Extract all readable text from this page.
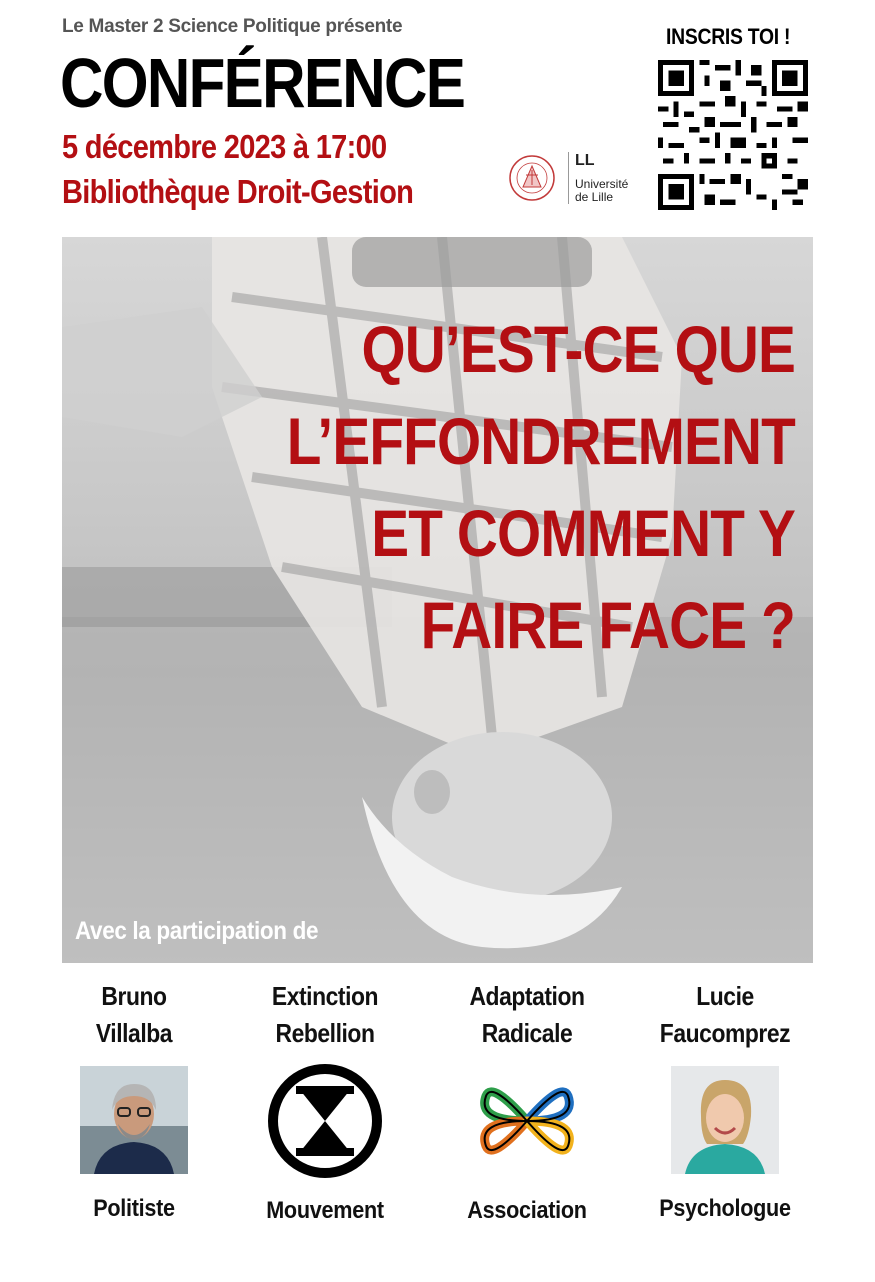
Le Master 2 Science Politique présente
CONFÉRENCE
5 décembre 2023 à 17:00
Bibliothèque Droit-Gestion
LL
Université de Lille
INSCRIS TOI !
QU’EST-CE QUE
L’EFFONDREMENT
ET COMMENT Y
FAIRE FACE ?
Avec la participation de
Bruno
Villalba
Politiste
Extinction
Rebellion
Mouvement
Adaptation
Radicale
Association
Lucie
Faucomprez
Psychologue
